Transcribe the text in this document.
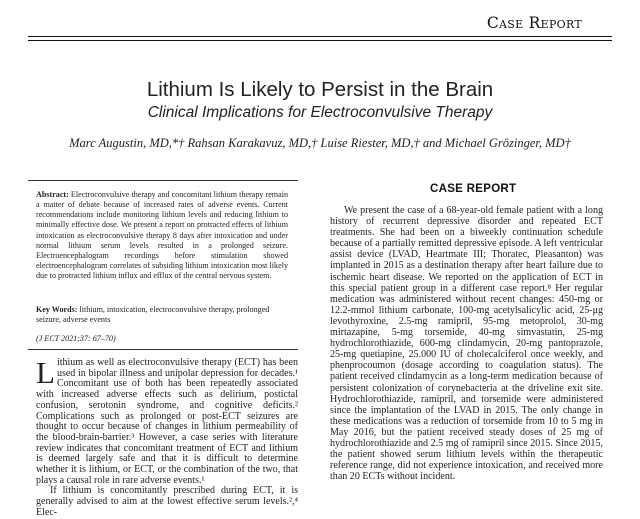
Case Report
Lithium Is Likely to Persist in the Brain
Clinical Implications for Electroconvulsive Therapy
Marc Augustin, MD,*† Rahsan Karakavuz, MD,† Luise Riester, MD,† and Michael Grözinger, MD†
Abstract: Electroconvulsive therapy and concomitant lithium therapy remain a matter of debate because of increased rates of adverse events. Current recommendations include monitoring lithium levels and reducing lithium to minimally effective dose. We present a report on protracted effects of lithium intoxication as electroconvulsive therapy 8 days after intoxication and under normal lithium serum levels resulted in a prolonged seizure. Electroencephalogram recordings before stimulation showed electroencephalogram correlates of subsiding lithium intoxication most likely due to protracted lithium influx and efflux of the central nervous system.
Key Words: lithium, intoxication, electroconvulsive therapy, prolonged seizure, adverse events
(J ECT 2021;37: 67–70)
Lithium as well as electroconvulsive therapy (ECT) has been used in bipolar illness and unipolar depression for decades.¹ Concomitant use of both has been repeatedly associated with increased adverse effects such as delirium, postictal confusion, serotonin syndrome, and cognitive deficits.² Complications such as prolonged or post-ECT seizures are thought to occur because of changes in lithium permeability of the blood-brain-barrier.³ However, a case series with literature review indicates that concomitant treatment of ECT and lithium is deemed largely safe and that it is difficult to determine whether it is lithium, or ECT, or the combination of the two, that plays a causal role in rare adverse events.¹
If lithium is concomitantly prescribed during ECT, it is generally advised to aim at the lowest effective serum levels.²,⁴ Elec-
CASE REPORT

We present the case of a 68-year-old female patient with a long history of recurrent depressive disorder and repeated ECT treatments. She had been on a biweekly continuation schedule because of a partially remitted depressive episode. A left ventricular assist device (LVAD, Heartmate III; Thoratec, Pleasanton) was implanted in 2015 as a destination therapy after heart failure due to ischemic heart disease. We reported on the application of ECT in this special patient group in a different case report.⁸ Her regular medication was administered without recent changes: 450-mg or 12.2-mmol lithium carbonate, 100-mg acetylsalicylic acid, 25-μg levothyroxine, 2.5-mg ramipril, 95-mg metoprolol, 30-mg mirtazapine, 5-mg torsemide, 40-mg simvastatin, 25-mg hydrochlorothiazide, 600-mg clindamycin, 20-mg pantoprazole, 25-mg quetiapine, 25.000 IU of cholecalciferol once weekly, and phenprocoumon (dosage according to coagulation status). The patient received clindamycin as a long-term medication because of persistent colonization of corynebacteria at the driveline exit site. Hydrochlorothiazide, ramipril, and torsemide were administered since the implantation of the LVAD in 2015. The only change in these medications was a reduction of torsemide from 10 to 5 mg in May 2016, but the patient received steady doses of 25 mg of hydrochlorothiazide and 2.5 mg of ramipril since 2015. Since 2015, the patient showed serum lithium levels within the therapeutic reference range, did not experience intoxication, and received more than 20 ECTs without incident.
